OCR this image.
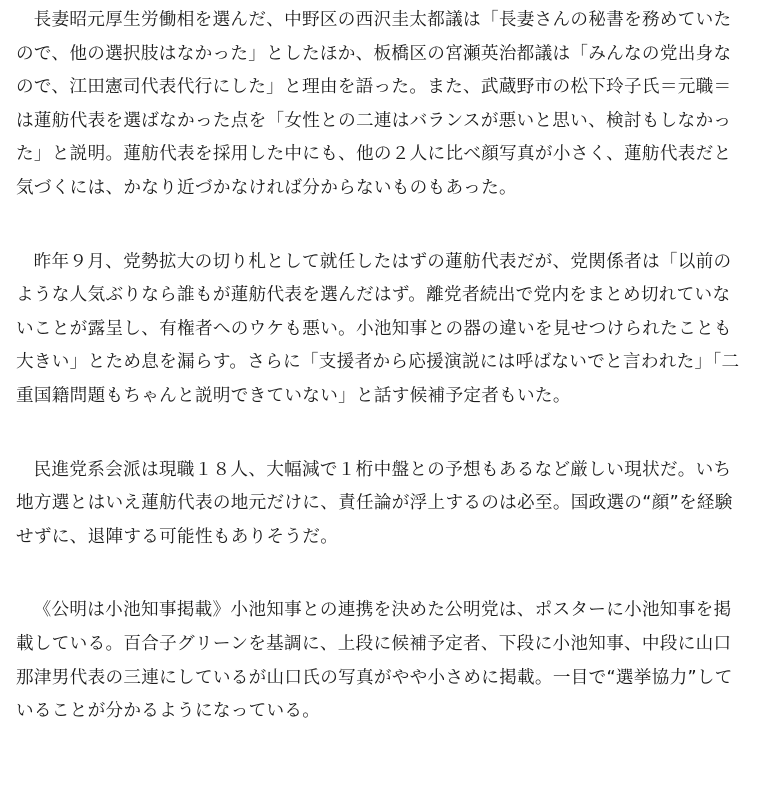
長妻昭元厚生労働相を選んだ、中野区の西沢圭太都議は「長妻さんの秘書を務めていたので、他の選択肢はなかった」としたほか、板橋区の宮瀬英治都議は「みんなの党出身なので、江田憲司代表代行にした」と理由を語った。また、武蔵野市の松下玲子氏＝元職＝は蓮舫代表を選ばなかった点を「女性との二連はバランスが悪いと思い、検討もしなかった」と説明。蓮舫代表を採用した中にも、他の２人に比べ顔写真が小さく、蓮舫代表だと気づくには、かなり近づかなければ分からないものもあった。

昨年９月、党勢拡大の切り札として就任したはずの蓮舫代表だが、党関係者は「以前のような人気ぶりなら誰もが蓮舫代表を選んだはず。離党者続出で党内をまとめ切れていないことが露呈し、有権者へのウケも悪い。小池知事との器の違いを見せつけられたことも大きい」とため息を漏らす。さらに「支援者から応援演説には呼ばないでと言われた」「二重国籍問題もちゃんと説明できていない」と話す候補予定者もいた。

民進党系会派は現職１８人、大幅減で１桁中盤との予想もあるなど厳しい現状だ。いち地方選とはいえ蓮舫代表の地元だけに、責任論が浮上するのは必至。国政選の“顔”を経験せずに、退陣する可能性もありそうだ。

《公明は小池知事掲載》小池知事との連携を決めた公明党は、ポスターに小池知事を掲載している。百合子グリーンを基調に、上段に候補予定者、下段に小池知事、中段に山口那津男代表の三連にしているが山口氏の写真がやや小さめに掲載。一目で“選挙協力”していることが分かるようになっている。
